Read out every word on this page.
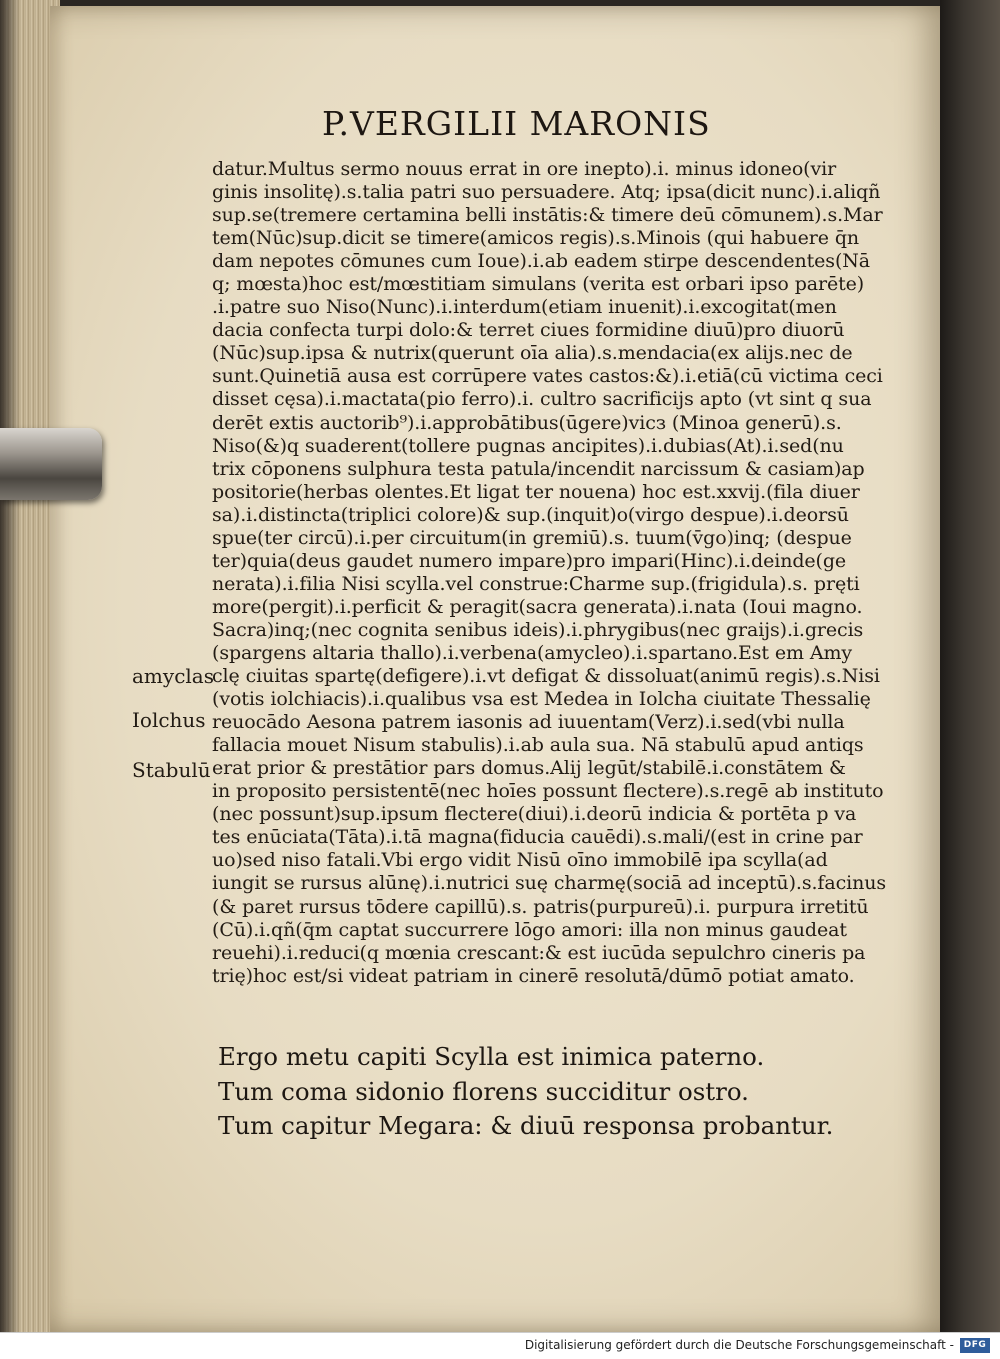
P.VERGILII MARONIS
datur.Multus sermo nouus errat in ore inepto).i. minus idoneo(vir
ginis insolitę).s.talia patri suo persuadere. Atq; ipsa(dicit nunc).i.aliqñ
sup.se(tremere certamina belli instātis:& timere deū cōmunem).s.Mar
tem(Nūc)sup.dicit se timere(amicos regis).s.Minois (qui habuere q̄n
dam nepotes cōmunes cum Ioue).i.ab eadem stirpe descendentes(Nā
q; mœsta)hoc est/mœstitiam simulans (verita est orbari ipso parēte)
.i.patre suo Niso(Nunc).i.interdum(etiam inuenit).i.excogitat(men
dacia confecta turpi dolo:& terret ciues formidine diuū)pro diuorū
(Nūc)sup.ipsa & nutrix(querunt oīa alia).s.mendacia(ex alijs.nec de
sunt.Quinetiā ausa est corrūpere vates castos:&).i.etiā(cū victima ceci
disset cęsa).i.mactata(pio ferro).i. cultro sacrificijs apto (vt sint q sua
derēt extis auctorib⁹).i.approbātibus(ūgere)vicз (Minoa generū).s.
Niso(&)q suaderent(tollere pugnas ancipites).i.dubias(At).i.sed(nu
trix cōponens sulphura testa patula/incendit narcissum & casiam)ap
positorie(herbas olentes.Et ligat ter nouena) hoc est.xxvij.(fila diuer
sa).i.distincta(triplici colore)& sup.(inquit)o(virgo despue).i.deorsū
spue(ter circū).i.per circuitum(in gremiū).s. tuum(v̄go)inq; (despue
ter)quia(deus gaudet numero impare)pro impari(Hinc).i.deinde(ge
nerata).i.filia Nisi scylla.vel construe:Charme sup.(frigidula).s. pręti
more(pergit).i.perficit & peragit(sacra generata).i.nata (Ioui magno.
Sacra)inq;(nec cognita senibus ideis).i.phrygibus(nec graijs).i.grecis
(spargens altaria thallo).i.verbena(amycleo).i.spartano.Est em Amy
clę ciuitas spartę(defigere).i.vt defigat & dissoluat(animū regis).s.Nisi
(votis iolchiacis).i.qualibus vsa est Medea in Iolcha ciuitate Thessalię
reuocādo Aesona patrem iasonis ad iuuentam(Verz).i.sed(vbi nulla
fallacia mouet Nisum stabulis).i.ab aula sua. Nā stabulū apud antiqs
erat prior & prestātior pars domus.Alij legūt/stabilē.i.constātem &
in proposito persistentē(nec hoīes possunt flectere).s.regē ab instituto
(nec possunt)sup.ipsum flectere(diui).i.deorū indicia & portēta p va
tes enūciata(Tāta).i.tā magna(fiducia cauēdi).s.mali/(est in crine par
uo)sed niso fatali.Vbi ergo vidit Nisū oīno immobilē ipa scylla(ad
iungit se rursus alūnę).i.nutrici suę charmę(sociā ad inceptū).s.facinus
(& paret rursus tōdere capillū).s. patris(purpureū).i. purpura irretitū
(Cū).i.qñ(q̄m captat succurrere lōgo amori: illa non minus gaudeat
reuehi).i.reduci(q mœnia crescant:& est iucūda sepulchro cineris pa
trię)hoc est/si videat patriam in cinerē resolutā/dūmō potiat amato.
amyclas
Iolchus
Stabulū
Ergo metu capiti Scylla est inimica paterno.
Tum coma sidonio florens succiditur ostro.
Tum capitur Megara: & diuū responsa probantur.
Digitalisierung gefördert durch die Deutsche Forschungsgemeinschaft -	DFG
